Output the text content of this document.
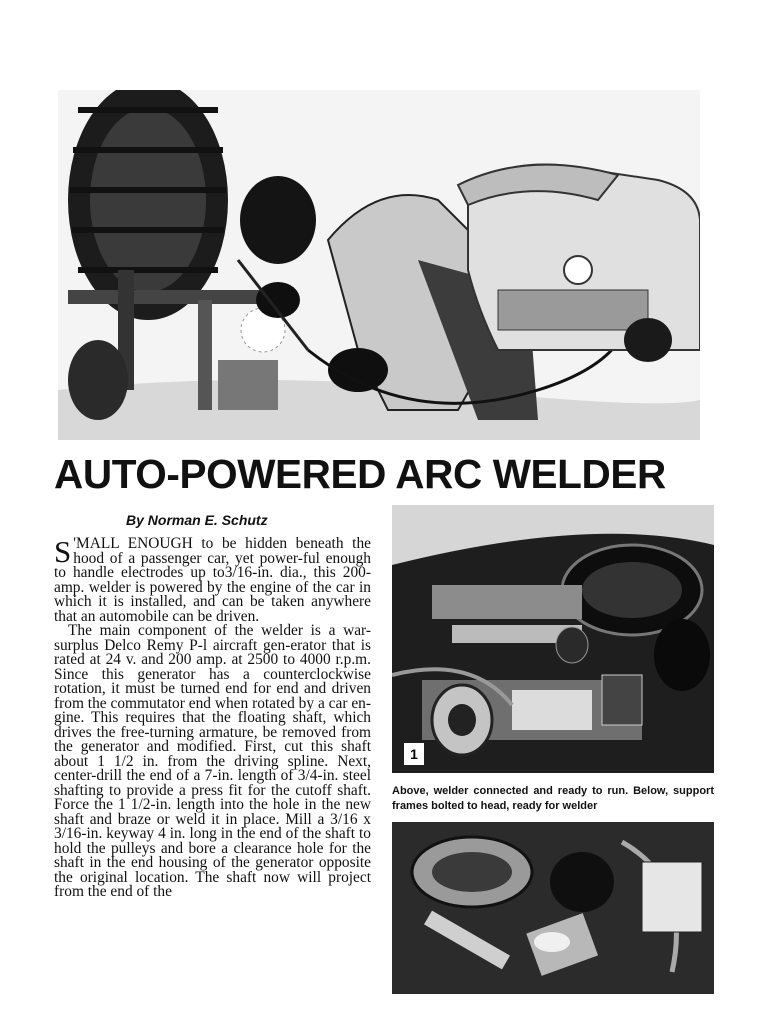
AUTO-POWERED ARC WELDER

By Norman E. Schutz

S 'MALL ENOUGH to be hidden beneath the hood of a passenger car, yet power-ful enough to handle electrodes up to3/16-in. dia., this 200-amp. welder is powered by the engine of the car in which it is installed, and can be taken anywhere that an automobile can be driven.

The main component of the welder is a war-surplus Delco Remy P-l aircraft gen-erator that is rated at 24 v. and 200 amp. at 2500 to 4000 r.p.m. Since this generator has a counterclockwise rotation, it must be turned end for end and driven from the commutator end when rotated by a car en-gine. This requires that the floating shaft, which drives the free-turning armature, be removed from the generator and modified. First, cut this shaft about 1 1/2 in. from the driving spline. Next, center-drill the end of a 7-in. length of 3/4-in. steel shafting to provide a press fit for the cutoff shaft. Force the 1 1/2-in. length into the hole in the new shaft and braze or weld it in place. Mill a 3/16 x 3/16-in. keyway 4 in. long in the end of the shaft to hold the pulleys and bore a clearance hole for the shaft in the end housing of the generator opposite the original location. The shaft now will project from the end of the

1

Above, welder connected and ready to run. Below, support frames bolted to head, ready for welder
